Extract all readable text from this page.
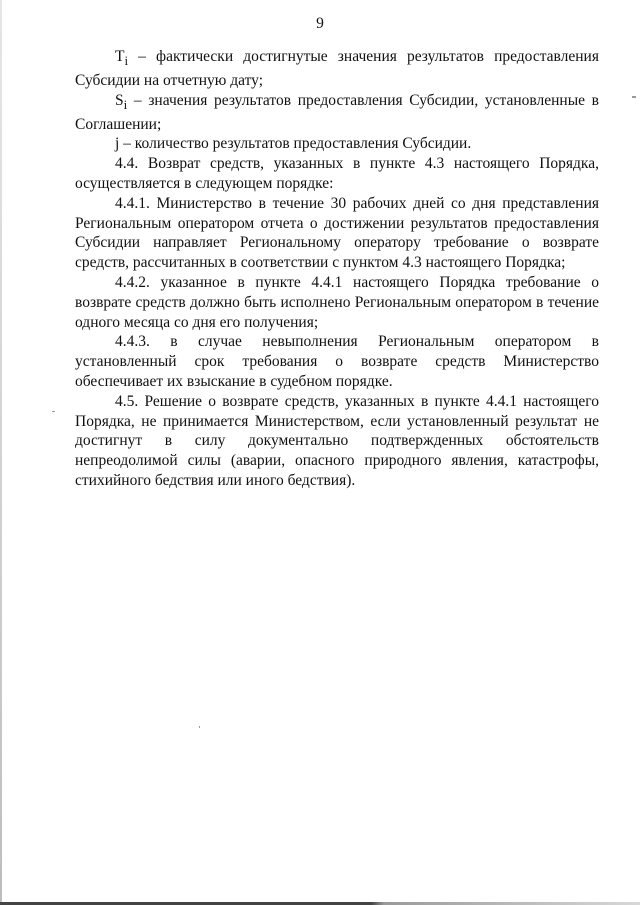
9

$T_i$ – фактически достигнутые значения результатов предоставления Субсидии на отчетную дату;

$S_i$ – значения результатов предоставления Субсидии, установленные в Соглашении;

j – количество результатов предоставления Субсидии.

4.4. Возврат средств, указанных в пункте 4.3 настоящего Порядка, осуществляется в следующем порядке:

4.4.1. Министерство в течение 30 рабочих дней со дня представления Региональным оператором отчета о достижении результатов предоставления Субсидии направляет Региональному оператору требование о возврате средств, рассчитанных в соответствии с пунктом 4.3 настоящего Порядка;

4.4.2. указанное в пункте 4.4.1 настоящего Порядка требование о возврате средств должно быть исполнено Региональным оператором в течение одного месяца со дня его получения;

4.4.3. в случае невыполнения Региональным оператором в установленный срок требования о возврате средств Министерство обеспечивает их взыскание в судебном порядке.

4.5. Решение о возврате средств, указанных в пункте 4.4.1 настоящего Порядка, не принимается Министерством, если установленный результат не достигнут в силу документально подтвержденных обстоятельств непреодолимой силы (аварии, опасного природного явления, катастрофы, стихийного бедствия или иного бедствия).
